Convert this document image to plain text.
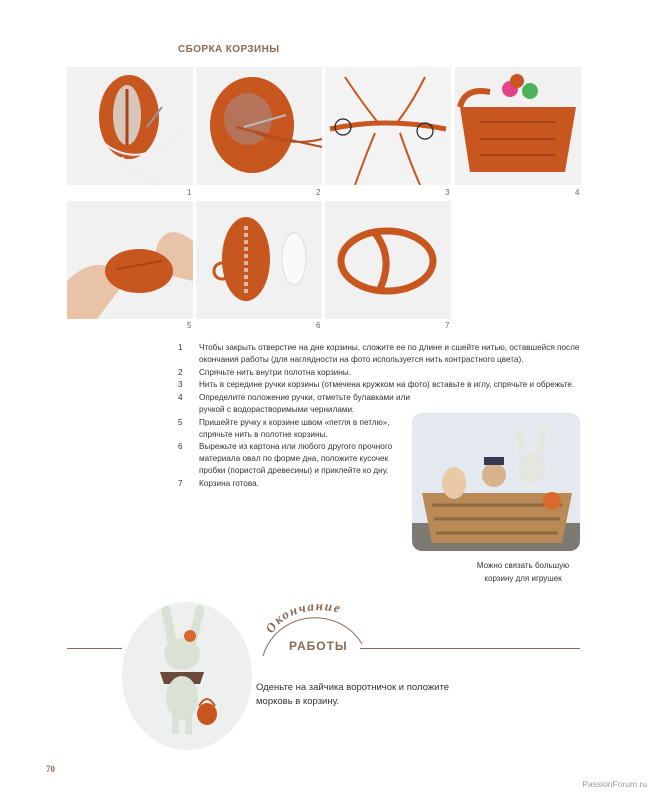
СБОРКА КОРЗИНЫ
1	2	3	4
5	6	7
1 Чтобы закрыть отверстие на дне корзины, сложите ее по длине и сшейте нитью, оставшейся после окончания работы (для наглядности на фото используется нить контрастного цвета).
2 Спрячьте нить внутри полотна корзины.
3 Нить в середине ручки корзины (отмечена кружком на фото) вставьте в иглу, спрячьте и обрежьте.
4 Определите положение ручки, отметьте булавками или ручкой с водорастворимыми чернилами.
5 Пришейте ручку к корзине швом «петля в петлю», спрячьте нить в полотне корзины.
6 Вырежьте из картона или любого другого прочного материала овал по форме дна, положите кусочек пробки (пористой древесины) и приклейте ко дну.
7 Корзина готова.
Можно связать большую
корзину для игрушек
Окончание
РАБОТЫ
Оденьте на зайчика воротничок и положите
морковь в корзину.
70
PassionForum.ru
